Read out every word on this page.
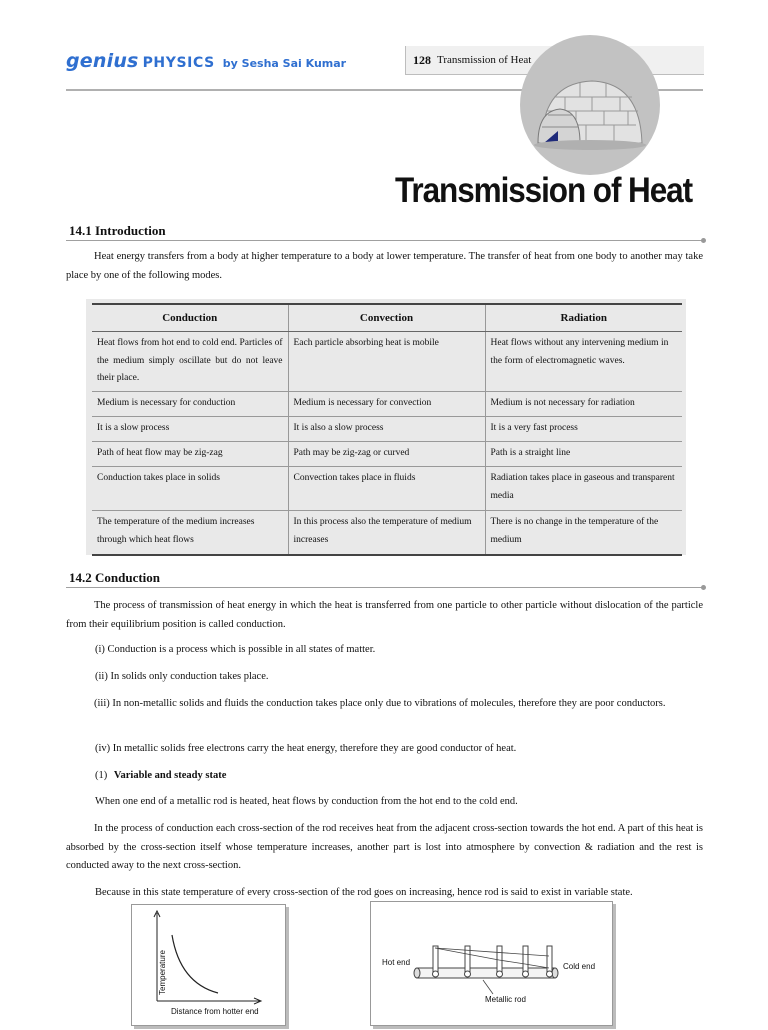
genius PHYSICS by Sesha Sai Kumar	128 Transmission of Heat
Transmission of Heat
14.1 Introduction
Heat energy transfers from a body at higher temperature to a body at lower temperature. The transfer of heat from one body to another may take place by one of the following modes.
Conduction	Convection	Radiation
Heat flows from hot end to cold end. Particles of the medium simply oscillate but do not leave their place.	Each particle absorbing heat is mobile	Heat flows without any intervening medium in the form of electromagnetic waves.
Medium is necessary for conduction	Medium is necessary for convection	Medium is not necessary for radiation
It is a slow process	It is also a slow process	It is a very fast process
Path of heat flow may be zig-zag	Path may be zig-zag or curved	Path is a straight line
Conduction takes place in solids	Convection takes place in fluids	Radiation takes place in gaseous and transparent media
The temperature of the medium increases through which heat flows	In this process also the temperature of medium increases	There is no change in the temperature of the medium
14.2 Conduction
The process of transmission of heat energy in which the heat is transferred from one particle to other particle without dislocation of the particle from their equilibrium position is called conduction.
(i) Conduction is a process which is possible in all states of matter.
(ii) In solids only conduction takes place.
(iii) In non-metallic solids and fluids the conduction takes place only due to vibrations of molecules, therefore they are poor conductors.
(iv) In metallic solids free electrons carry the heat energy, therefore they are good conductor of heat.
(1) Variable and steady state
When one end of a metallic rod is heated, heat flows by conduction from the hot end to the cold end.
In the process of conduction each cross-section of the rod receives heat from the adjacent cross-section towards the hot end. A part of this heat is absorbed by the cross-section itself whose temperature increases, another part is lost into atmosphere by convection & radiation and the rest is conducted away to the next cross-section.
Because in this state temperature of every cross-section of the rod goes on increasing, hence rod is said to exist in variable state.
Temperature
Distance from hotter end
Hot end	Cold end
Metallic rod
